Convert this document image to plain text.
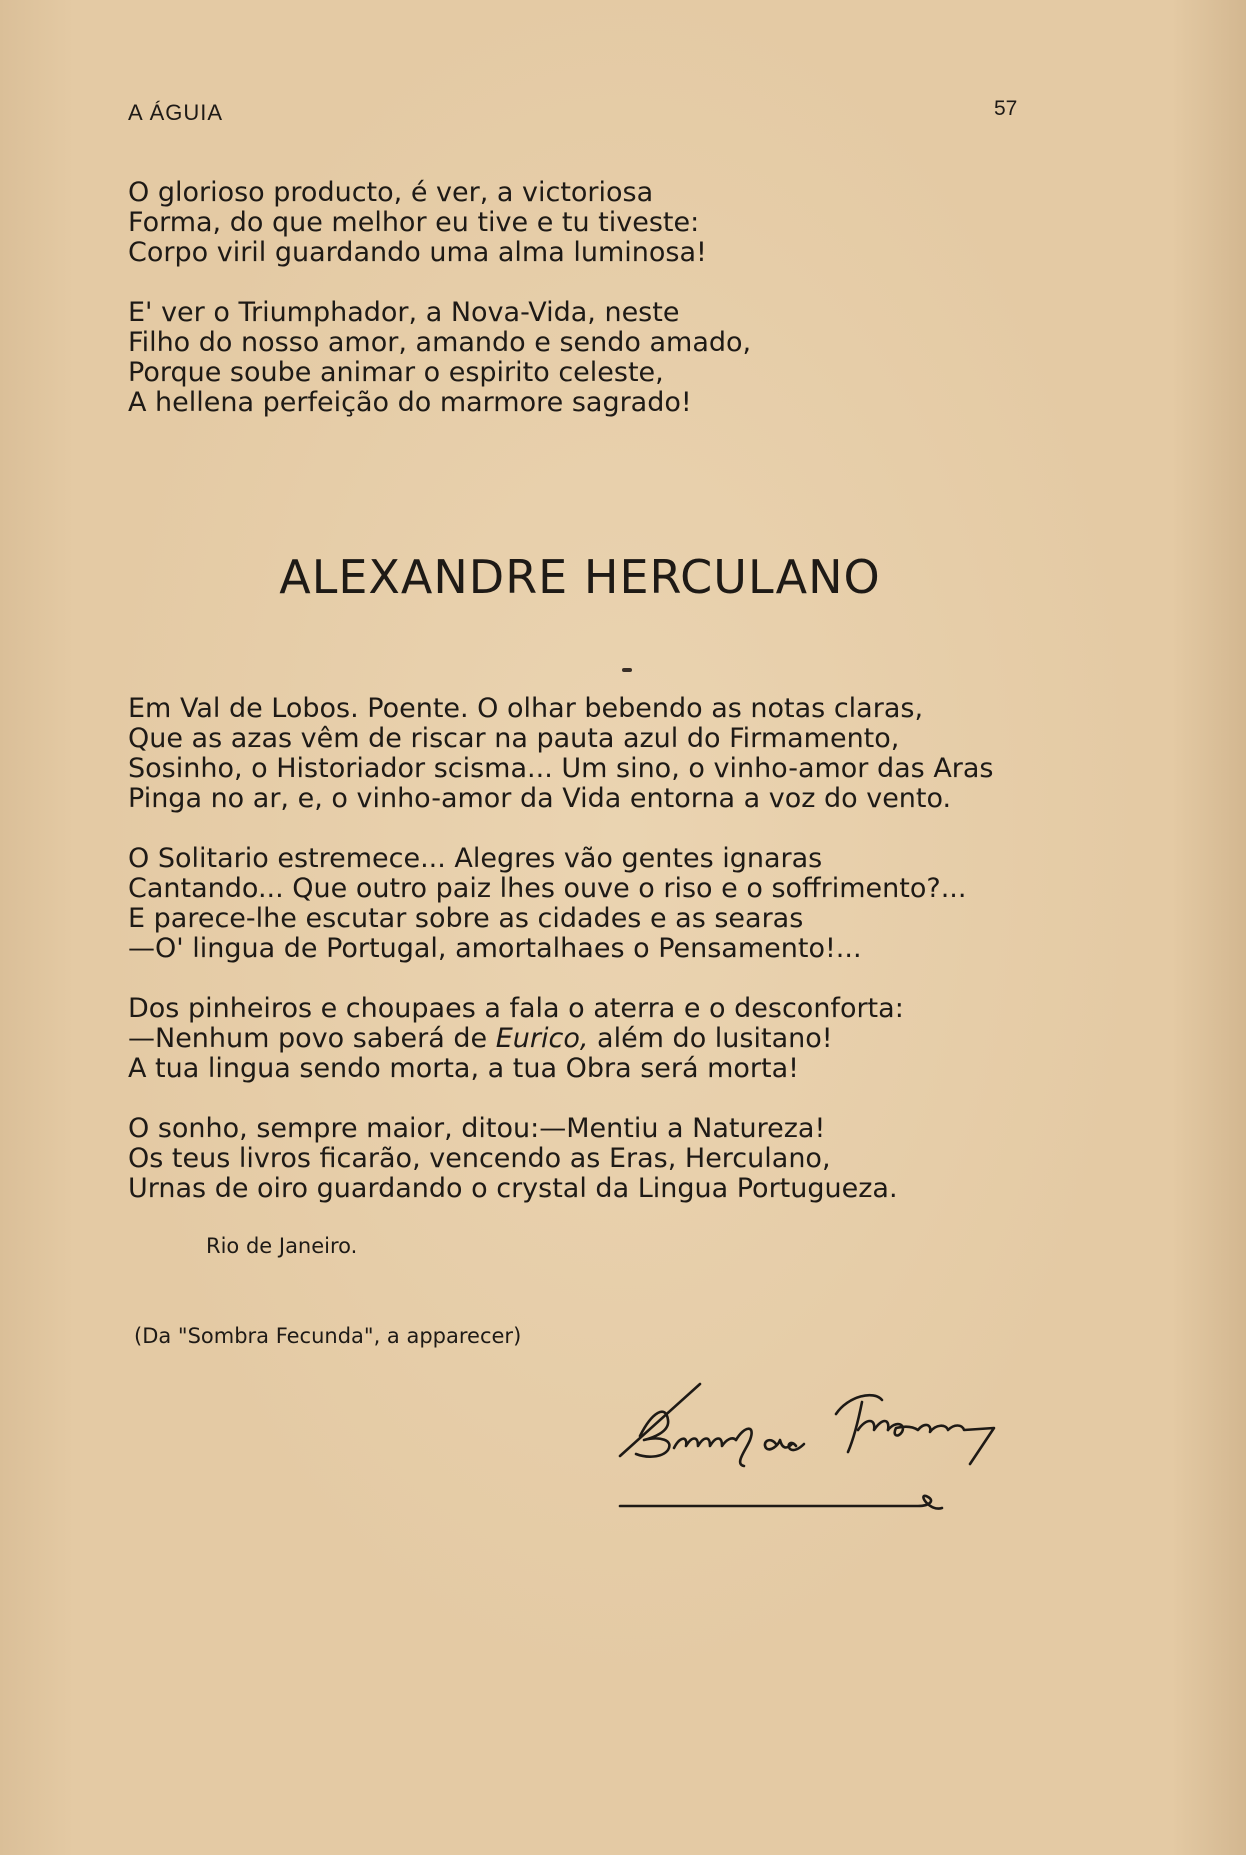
A ÁGUIA	57
O glorioso producto, é ver, a victoriosa
Forma, do que melhor eu tive e tu tiveste:
Corpo viril guardando uma alma luminosa!
E' ver o Triumphador, a Nova-Vida, neste
Filho do nosso amor, amando e sendo amado,
Porque soube animar o espirito celeste,
A hellena perfeição do marmore sagrado!
ALEXANDRE HERCULANO
Em Val de Lobos. Poente. O olhar bebendo as notas claras,
Que as azas vêm de riscar na pauta azul do Firmamento,
Sosinho, o Historiador scisma... Um sino, o vinho-amor das Aras
Pinga no ar, e, o vinho-amor da Vida entorna a voz do vento.
O Solitario estremece... Alegres vão gentes ignaras
Cantando... Que outro paiz lhes ouve o riso e o soffrimento?...
E parece-lhe escutar sobre as cidades e as searas
—O' lingua de Portugal, amortalhaes o Pensamento!...
Dos pinheiros e choupaes a fala o aterra e o desconforta:
—Nenhum povo saberá de Eurico, além do lusitano!
A tua lingua sendo morta, a tua Obra será morta!
O sonho, sempre maior, ditou:—Mentiu a Natureza!
Os teus livros ficarão, vencendo as Eras, Herculano,
Urnas de oiro guardando o crystal da Lingua Portugueza.
Rio de Janeiro.
(Da "Sombra Fecunda", a apparecer)
